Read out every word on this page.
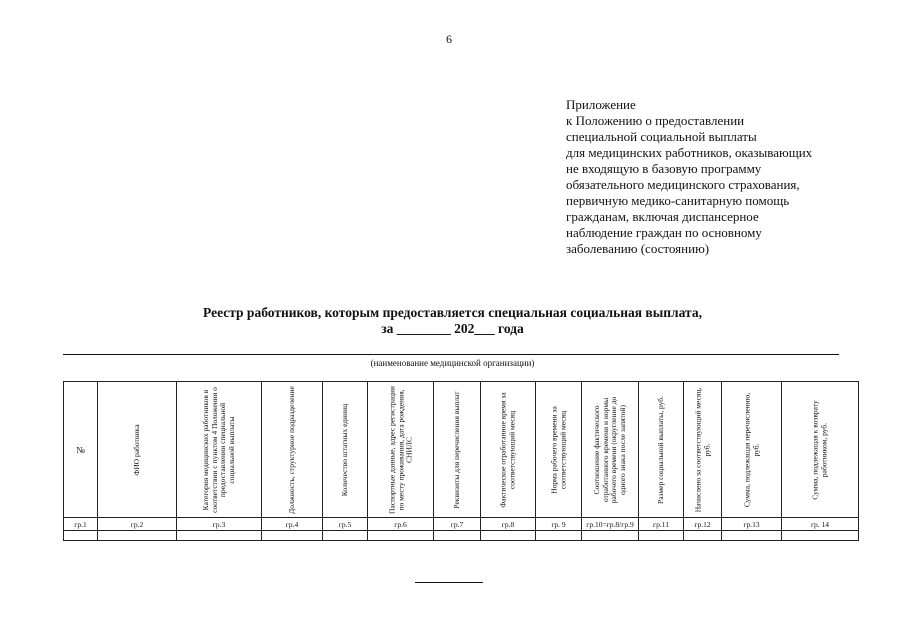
6
Приложение
к Положению о предоставлении
специальной социальной выплаты
для медицинских работников, оказывающих
не входящую в базовую программу
обязательного медицинского страхования,
первичную медико-санитарную помощь
гражданам, включая диспансерное
наблюдение граждан по основному
заболеванию (состоянию)
Реестр работников, которым предоставляется специальная социальная выплата,
за ________ 202___ года
(наименование медицинской организации)
№	ФИО работника	Категория медицинских работников в соответствии с пунктом 4 Положения о предоставлении специальной социальной выплаты	Должность, структурное подразделение	Количество штатных единиц	Паспортные данные, адрес регистрации по месту проживания, дата рождения, СНИЛС	Реквизиты для перечисления выплат	Фактическое отработанное время за соответствующий месяц	Норма рабочего времени за соответствующий месяц	Соотношение фактического отработанного времени и нормы рабочего времени (округление до одного знака после запятой)	Размер социальной выплаты, руб.	Начислено за соответствующий месяц, руб.	Сумма, подлежащая перечислению, руб.	Сумма, подлежащая к возврату работником, руб.

гр.1	гр.2	гр.3	гр.4	гр.5	гр.6	гр.7	гр.8	гр. 9	гр.10=гр.8/гр.9	гр.11	гр.12	гр.13	гр. 14
